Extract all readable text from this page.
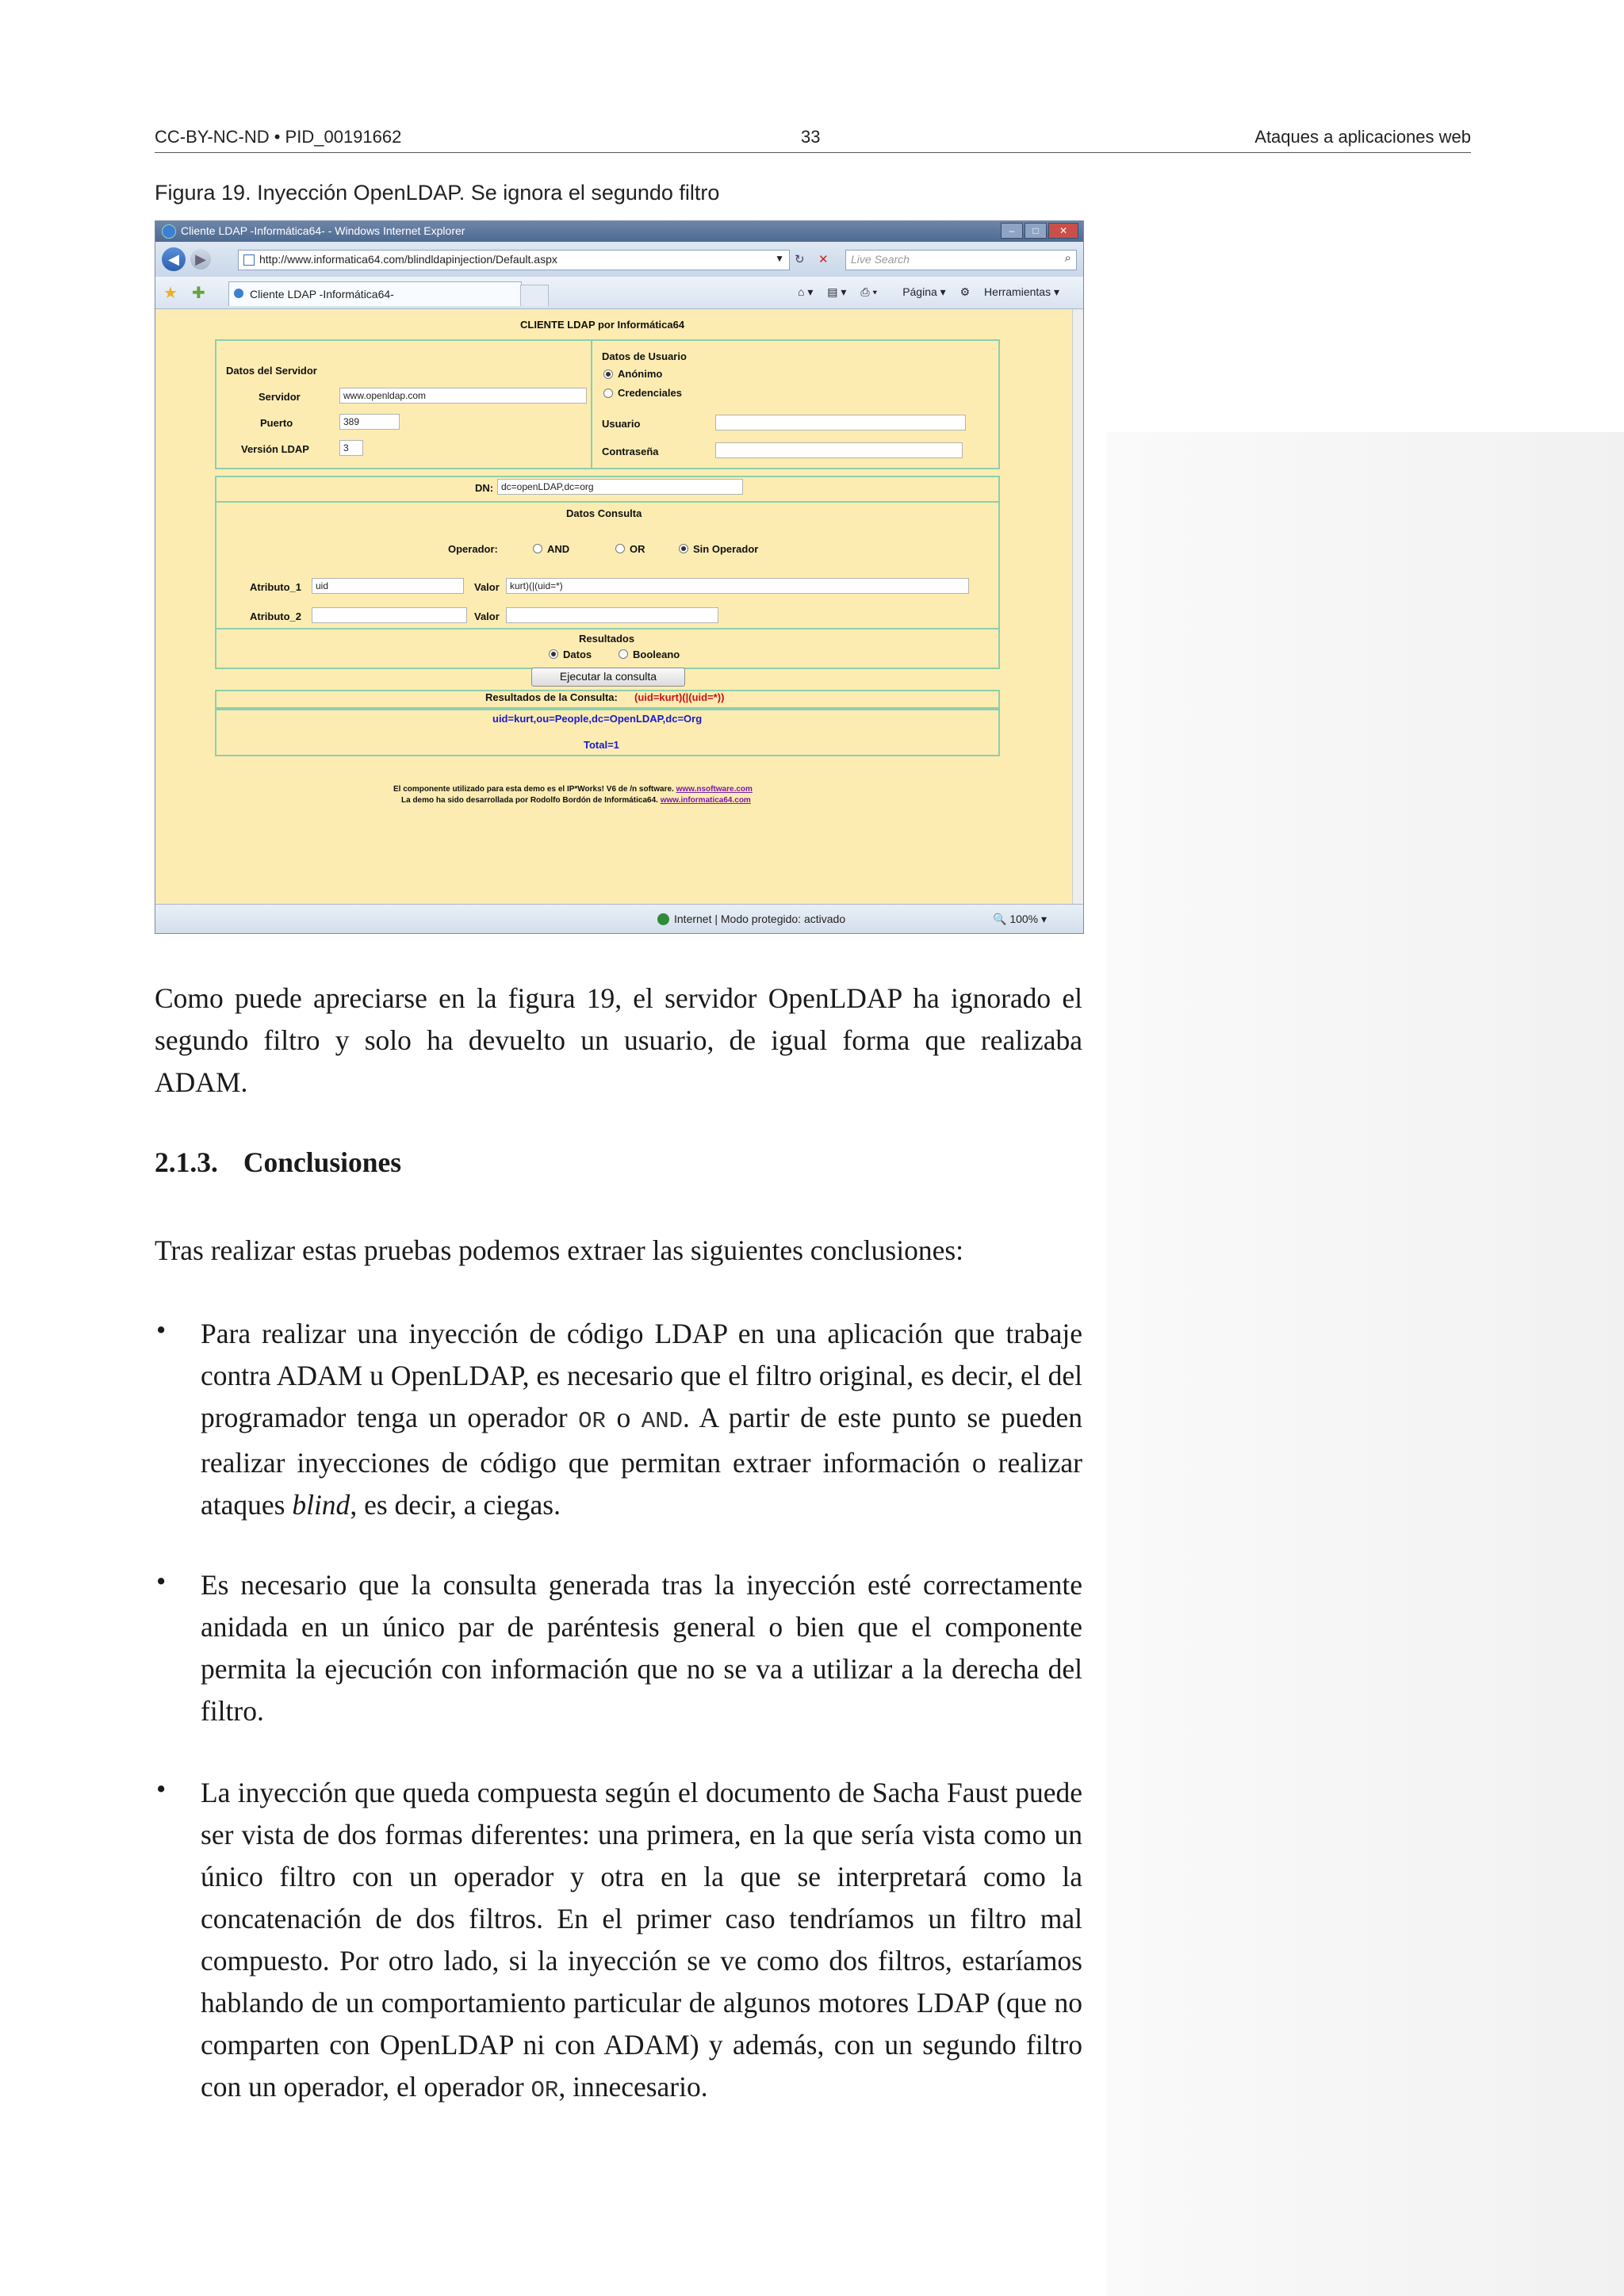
CC-BY-NC-ND • PID_00191662	33	Ataques a aplicaciones web
Figura 19. Inyección OpenLDAP. Se ignora el segundo filtro
Cliente LDAP -Informática64- - Windows Internet Explorer	– □ ✕
◀	▶	http://www.informatica64.com/blindldapinjection/Default.aspx	▼ ↻ ✕ Live Search	⌕
★ ✚	Cliente LDAP -Informática64-	⌂ ▾ ▤ ▾ ⎙ ▾ Página ▾ ⚙ Herramientas ▾
CLIENTE LDAP por Informática64
Datos del Servidor
Servidor	www.openldap.com
Puerto	389
Versión LDAP	3
Datos de Usuario
Anónimo
Credenciales
Usuario
Contraseña
DN: dc=openLDAP,dc=org
Datos Consulta
Operador:	AND	OR	Sin Operador
Atributo_1	uid	Valor	kurt)(|(uid=*)
Atributo_2	Valor
Resultados
Datos	Booleano
Ejecutar la consulta
Resultados de la Consulta: (uid=kurt)(|(uid=*))
uid=kurt,ou=People,dc=OpenLDAP,dc=Org
Total=1
El componente utilizado para esta demo es el IP*Works! V6 de /n software. www.nsoftware.com
La demo ha sido desarrollada por Rodolfo Bordón de Informática64. www.informatica64.com
Internet | Modo protegido: activado	🔍 100% ▾
Como puede apreciarse en la figura 19, el servidor OpenLDAP ha ignorado el segundo filtro y solo ha devuelto un usuario, de igual forma que realizaba ADAM.
2.1.3. Conclusiones
Tras realizar estas pruebas podemos extraer las siguientes conclusiones:
• Para realizar una inyección de código LDAP en una aplicación que trabaje contra ADAM u OpenLDAP, es necesario que el filtro original, es decir, el del programador tenga un operador OR o AND. A partir de este punto se pueden realizar inyecciones de código que permitan extraer información o realizar ataques blind, es decir, a ciegas.
• Es necesario que la consulta generada tras la inyección esté correctamente anidada en un único par de paréntesis general o bien que el componente permita la ejecución con información que no se va a utilizar a la derecha del filtro.
• La inyección que queda compuesta según el documento de Sacha Faust puede ser vista de dos formas diferentes: una primera, en la que sería vista como un único filtro con un operador y otra en la que se interpretará como la concatenación de dos filtros. En el primer caso tendríamos un filtro mal compuesto. Por otro lado, si la inyección se ve como dos filtros, estaríamos hablando de un comportamiento particular de algunos motores LDAP (que no comparten con OpenLDAP ni con ADAM) y además, con un segundo filtro con un operador, el operador OR, innecesario.
